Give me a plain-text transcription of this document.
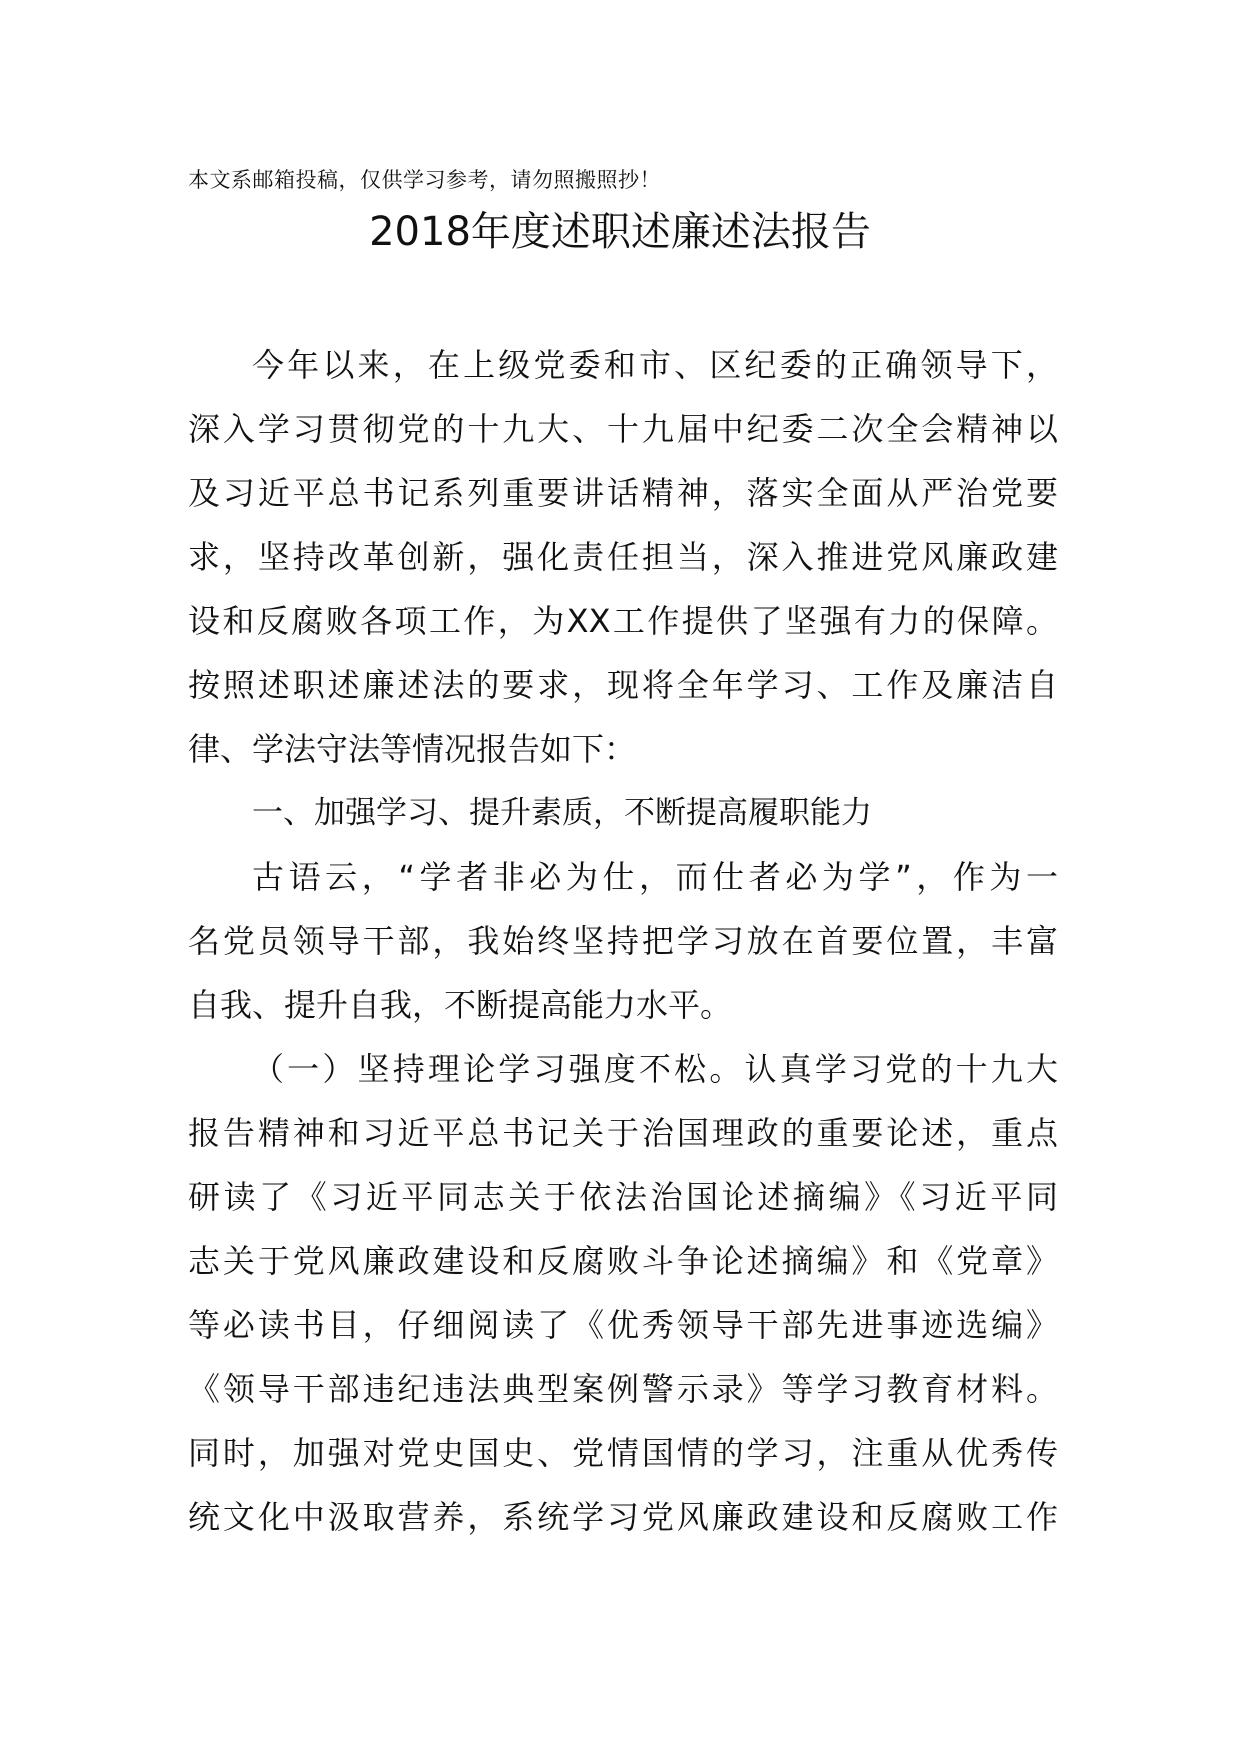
本文系邮箱投稿，仅供学习参考，请勿照搬照抄！
2018年度述职述廉述法报告
今年以来，在上级党委和市、区纪委的正确领导下，
深入学习贯彻党的十九大、十九届中纪委二次全会精神以
及习近平总书记系列重要讲话精神，落实全面从严治党要
求，坚持改革创新，强化责任担当，深入推进党风廉政建
设和反腐败各项工作，为XX工作提供了坚强有力的保障。
按照述职述廉述法的要求，现将全年学习、工作及廉洁自
律、学法守法等情况报告如下：
一、加强学习、提升素质，不断提高履职能力
古语云，“学者非必为仕，而仕者必为学”，作为一
名党员领导干部，我始终坚持把学习放在首要位置，丰富
自我、提升自我，不断提高能力水平。
（一）坚持理论学习强度不松。认真学习党的十九大
报告精神和习近平总书记关于治国理政的重要论述，重点
研读了《习近平同志关于依法治国论述摘编》《习近平同
志关于党风廉政建设和反腐败斗争论述摘编》和《党章》
等必读书目，仔细阅读了《优秀领导干部先进事迹选编》
《领导干部违纪违法典型案例警示录》等学习教育材料。
同时，加强对党史国史、党情国情的学习，注重从优秀传
统文化中汲取营养，系统学习党风廉政建设和反腐败工作
